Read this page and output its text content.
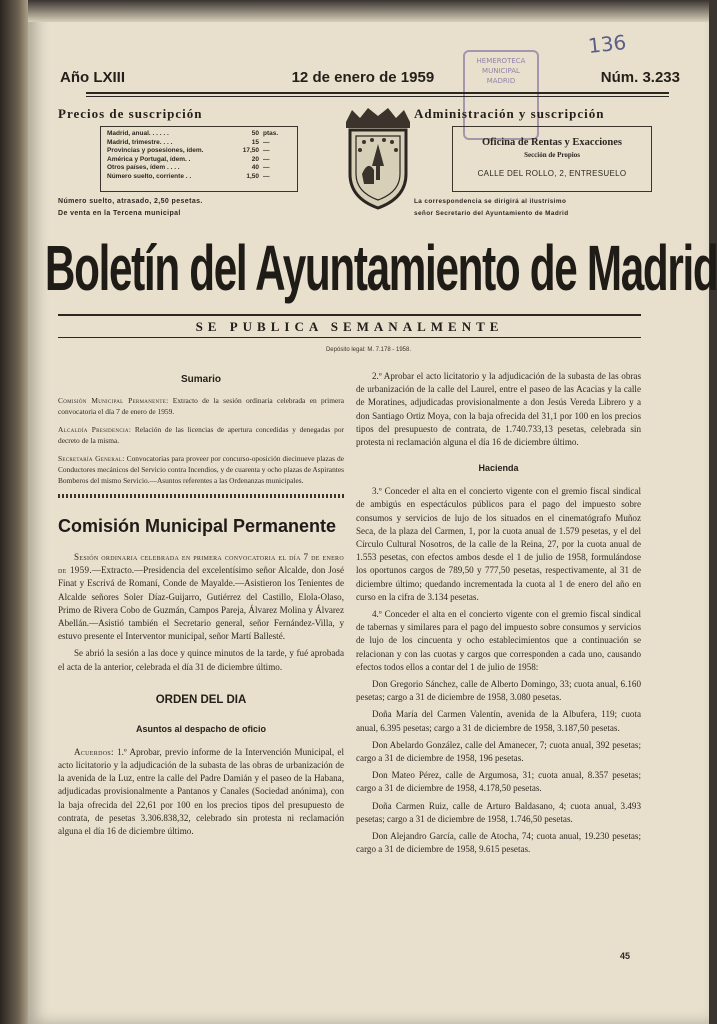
136
HEMEROTECA
MUNICIPAL
MADRID
Año LXIII	12 de enero de 1959	Núm. 3.233
Precios de suscripción
Madrid, anual. . . . . .	50 ptas.
Madrid, trimestre. . . .	15 —
Provincias y posesiones, ídem.	17,50 —
América y Portugal, ídem. .	20 —
Otros países, ídem . . . .	40 —
Número suelto, corriente . .	1,50 —
Número suelto, atrasado, 2,50 pesetas.
De venta en la Tercena municipal
Administración y suscripción
Oficina de Rentas y Exacciones
Sección de Propios
CALLE DEL ROLLO, 2, ENTRESUELO
La correspondencia se dirigirá al ilustrísimo
señor Secretario del Ayuntamiento de Madrid
Boletín del Ayuntamiento de Madrid
SE PUBLICA SEMANALMENTE
Depósito legal: M. 7.178 - 1958.
Sumario
Comisión Municipal Permanente: Extracto de la sesión ordinaria celebrada en primera convocatoria el día 7 de enero de 1959.
Alcaldía Presidencia: Relación de las licencias de apertura concedidas y denegadas por decreto de la misma.
Secretaría General: Convocatorias para proveer por concurso-oposición diecinueve plazas de Conductores mecánicos del Servicio contra Incendios, y de cuarenta y ocho plazas de Aspirantes Bomberos del mismo Servicio.—Asuntos referentes a las Ordenanzas municipales.
Comisión Municipal Permanente

Sesión ordinaria celebrada en primera convocatoria el día 7 de enero de 1959.—Extracto.—Presidencia del excelentísimo señor Alcalde, don José Finat y Escrivá de Romaní, Conde de Mayalde.—Asistieron los Tenientes de Alcalde señores Soler Díaz-Guijarro, Gutiérrez del Castillo, Elola-Olaso, Primo de Rivera Cobo de Guzmán, Campos Pareja, Álvarez Molina y Álvarez Abellán.—Asistió también el Secretario general, señor Fernández-Villa, y estuvo presente el Interventor municipal, señor Martí Ballesté.

Se abrió la sesión a las doce y quince minutos de la tarde, y fué aprobada el acta de la anterior, celebrada el día 31 de diciembre último.

ORDEN DEL DIA
Asuntos al despacho de oficio

Acuerdos: 1.º Aprobar, previo informe de la Intervención Municipal, el acto licitatorio y la adjudicación de la subasta de las obras de urbanización de la avenida de la Luz, entre la calle del Padre Damián y el paseo de la Habana, adjudicadas provisionalmente a Pantanos y Canales (Sociedad anónima), con la baja ofrecida del 22,61 por 100 en los precios tipos del presupuesto de contrata, de pesetas 3.306.838,32, celebrado sin protesta ni reclamación alguna el día 16 de diciembre último.

2.º Aprobar el acto licitatorio y la adjudicación de la subasta de las obras de urbanización de la calle del Laurel, entre el paseo de las Acacias y la calle de Moratines, adjudicadas provisionalmente a don Jesús Vereda Librero y a don Santiago Ortiz Moya, con la baja ofrecida del 31,1 por 100 en los precios tipos del presupuesto de contrata, de 1.740.733,13 pesetas, celebrada sin protesta ni reclamación alguna el día 16 de diciembre último.

Hacienda

3.º Conceder el alta en el concierto vigente con el gremio fiscal sindical de ambigús en espectáculos públicos para el pago del impuesto sobre consumos y servicios de lujo de los situados en el cinematógrafo Muñoz Seca, de la plaza del Carmen, 1, por la cuota anual de 1.579 pesetas, y el del Círculo Cultural Nosotros, de la calle de la Reina, 27, por la cuota anual de 1.553 pesetas, con efectos ambos desde el 1 de julio de 1958, formulándose los oportunos cargos de 789,50 y 777,50 pesetas, respectivamente, al 31 de diciembre último; quedando incrementada la cuota al 1 de enero del año en curso en la cifra de 3.134 pesetas.

4.º Conceder el alta en el concierto vigente con el gremio fiscal sindical de tabernas y similares para el pago del impuesto sobre consumos y servicios de lujo de los cincuenta y ocho establecimientos que a continuación se relacionan y con las cuotas y cargos que corresponden a cada uno, causando efectos todos ellos a contar del 1 de julio de 1958:

Don Gregorio Sánchez, calle de Alberto Domingo, 33; cuota anual, 6.160 pesetas; cargo a 31 de diciembre de 1958, 3.080 pesetas.

Doña María del Carmen Valentín, avenida de la Albufera, 119; cuota anual, 6.395 pesetas; cargo a 31 de diciembre de 1958, 3.187,50 pesetas.

Don Abelardo González, calle del Amanecer, 7; cuota anual, 392 pesetas; cargo a 31 de diciembre de 1958, 196 pesetas.

Don Mateo Pérez, calle de Argumosa, 31; cuota anual, 8.357 pesetas; cargo a 31 de diciembre de 1958, 4.178,50 pesetas.

Doña Carmen Ruiz, calle de Arturo Baldasano, 4; cuota anual, 3.493 pesetas; cargo a 31 de diciembre de 1958, 1.746,50 pesetas.

Don Alejandro García, calle de Atocha, 74; cuota anual, 19.230 pesetas; cargo a 31 de diciembre de 1958, 9.615 pesetas.

45
